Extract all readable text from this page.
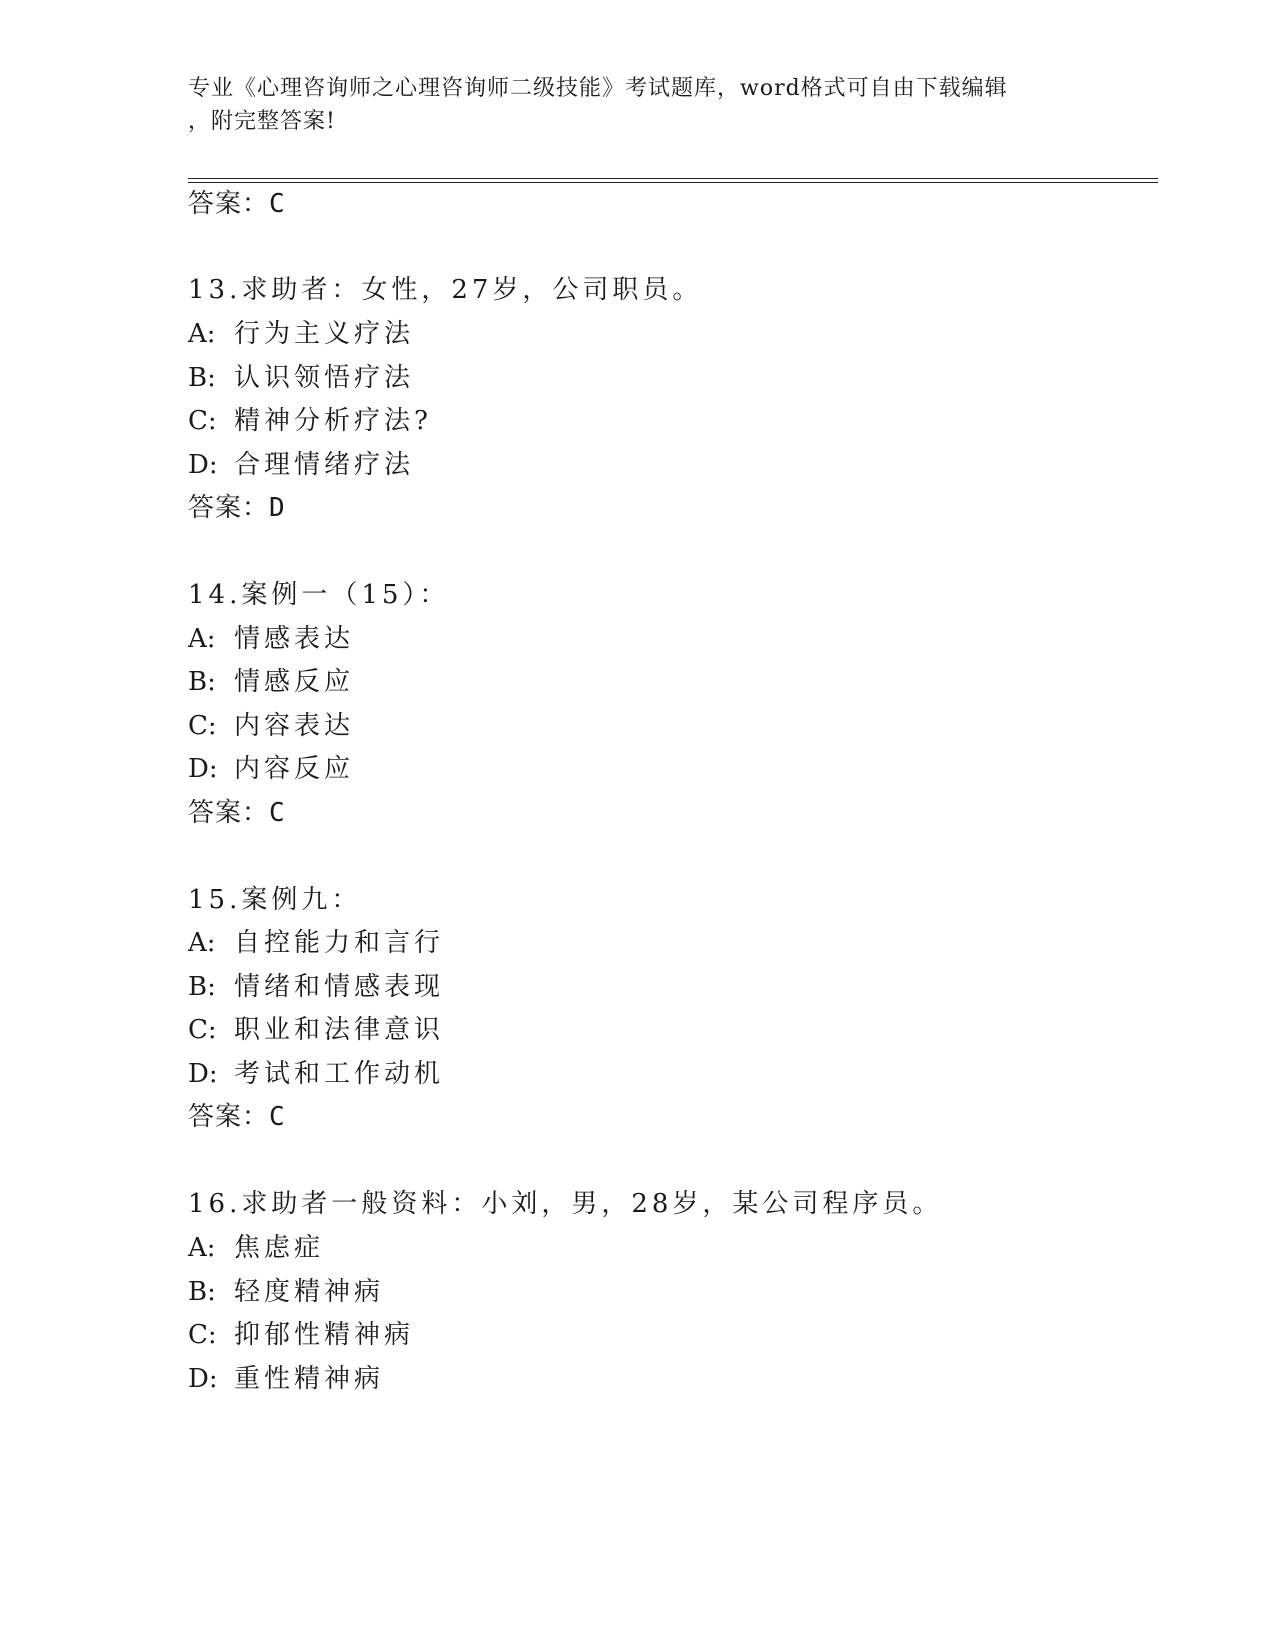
专业《心理咨询师之心理咨询师二级技能》考试题库，word格式可自由下载编辑
，附完整答案!
答案：C
13.求助者：女性，27岁，公司职员。
A: 行为主义疗法
B: 认识领悟疗法
C: 精神分析疗法?
D: 合理情绪疗法
答案：D
14.案例一（15）：
A: 情感表达
B: 情感反应
C: 内容表达
D: 内容反应
答案：C
15.案例九：
A: 自控能力和言行
B: 情绪和情感表现
C: 职业和法律意识
D: 考试和工作动机
答案：C
16.求助者一般资料：小刘，男，28岁，某公司程序员。
A: 焦虑症
B: 轻度精神病
C: 抑郁性精神病
D: 重性精神病
